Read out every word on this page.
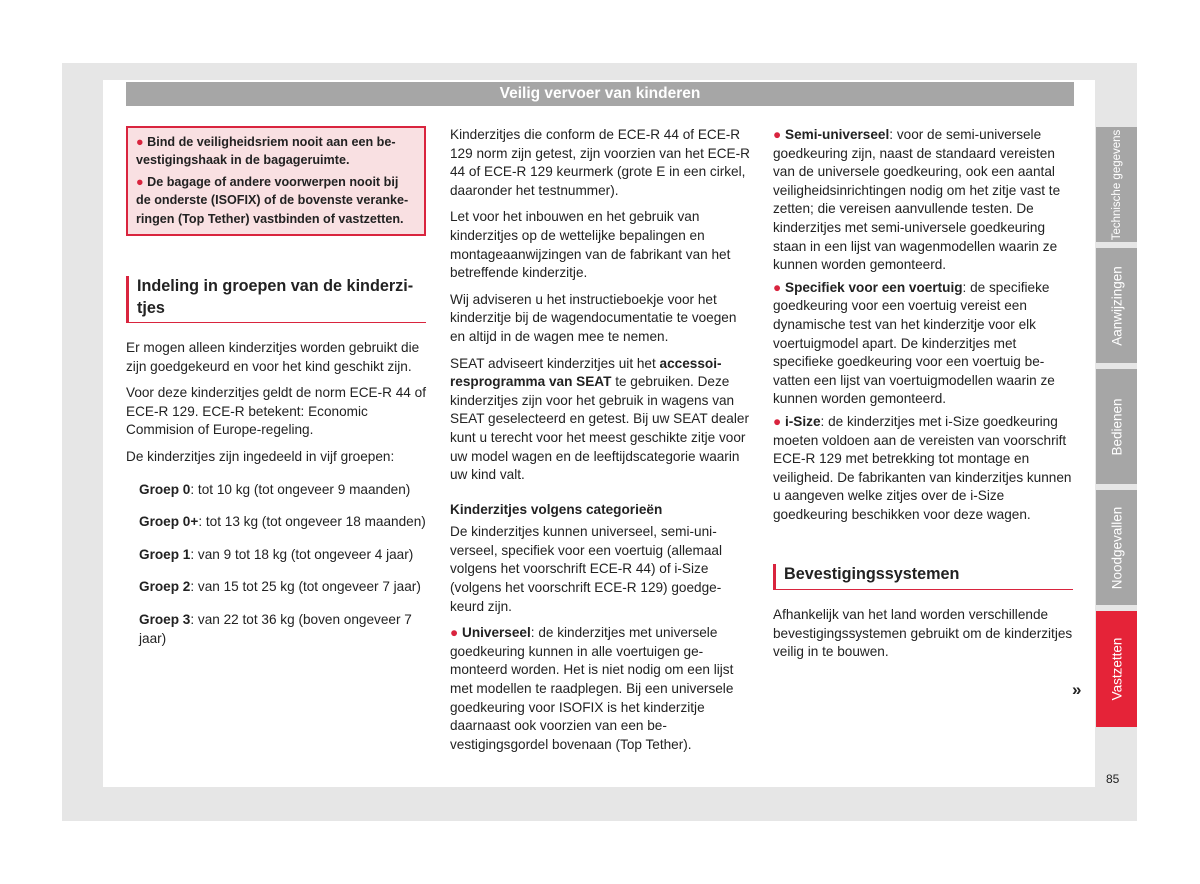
Veilig vervoer van kinderen

● Bind de veiligheidsriem nooit aan een bevestigingshaak in de bagageruimte.

● De bagage of andere voorwerpen nooit bij de onderste (ISOFIX) of de bovenste verankeringen (Top Tether) vastbinden of vastzetten.

Indeling in groepen van de kinderzitjes

Er mogen alleen kinderzitjes worden gebruikt die zijn goedgekeurd en voor het kind geschikt zijn.

Voor deze kinderzitjes geldt de norm ECE-R 44 of ECE-R 129. ECE-R betekent: Economic Commision of Europe-regeling.

De kinderzitjes zijn ingedeeld in vijf groepen:

Groep 0: tot 10 kg (tot ongeveer 9 maanden)

Groep 0+: tot 13 kg (tot ongeveer 18 maanden)

Groep 1: van 9 tot 18 kg (tot ongeveer 4 jaar)

Groep 2: van 15 tot 25 kg (tot ongeveer 7 jaar)

Groep 3: van 22 tot 36 kg (boven ongeveer 7 jaar)

Kinderzitjes die conform de ECE-R 44 of ECE-R 129 norm zijn getest, zijn voorzien van het ECE-R 44 of ECE-R 129 keurmerk (grote E in een cirkel, daaronder het testnummer).

Let voor het inbouwen en het gebruik van kinderzitjes op de wettelijke bepalingen en montageaanwijzingen van de fabrikant van het betreffende kinderzitje.

Wij adviseren u het instructieboekje voor het kinderzitje bij de wagendocumentatie te voegen en altijd in de wagen mee te nemen.

SEAT adviseert kinderzitjes uit het accessoiresprogramma van SEAT te gebruiken. Deze kinderzitjes zijn voor het gebruik in wagens van SEAT geselecteerd en getest. Bij uw SEAT dealer kunt u terecht voor het meest geschikte zitje voor uw model wagen en de leeftijdscategorie waarin uw kind valt.

Kinderzitjes volgens categorieën

De kinderzitjes kunnen universeel, semi-universeel, specifiek voor een voertuig (allemaal volgens het voorschrift ECE-R 44) of i-Size (volgens het voorschrift ECE-R 129) goedgekeurd zijn.

● Universeel: de kinderzitjes met universele goedkeuring kunnen in alle voertuigen gemonteerd worden. Het is niet nodig om een lijst met modellen te raadplegen. Bij een universele goedkeuring voor ISOFIX is het kinderzitje daarnaast ook voorzien van een bevestigingsgordel bovenaan (Top Tether).

● Semi-universeel: voor de semi-universele goedkeuring zijn, naast de standaard vereisten van de universele goedkeuring, ook een aantal veiligheidsinrichtingen nodig om het zitje vast te zetten; die vereisen aanvullende testen. De kinderzitjes met semi-universele goedkeuring staan in een lijst van wagenmodellen waarin ze kunnen worden gemonteerd.

● Specifiek voor een voertuig: de specifieke goedkeuring voor een voertuig vereist een dynamische test van het kinderzitje voor elk voertuigmodel apart. De kinderzitjes met specifieke goedkeuring voor een voertuig bevatten een lijst van voertuigmodellen waarin ze kunnen worden gemonteerd.

● i-Size: de kinderzitjes met i-Size goedkeuring moeten voldoen aan de vereisten van voorschrift ECE-R 129 met betrekking tot montage en veiligheid. De fabrikanten van kinderzitjes kunnen u aangeven welke zitjes over de i-Size goedkeuring beschikken voor deze wagen.

Bevestigingssystemen

Afhankelijk van het land worden verschillende bevestigingssystemen gebruikt om de kinderzitjes veilig in te bouwen.

»
Technische gegevens
Aanwijzingen
Bedienen
Noodgevallen
Vastzetten
85
